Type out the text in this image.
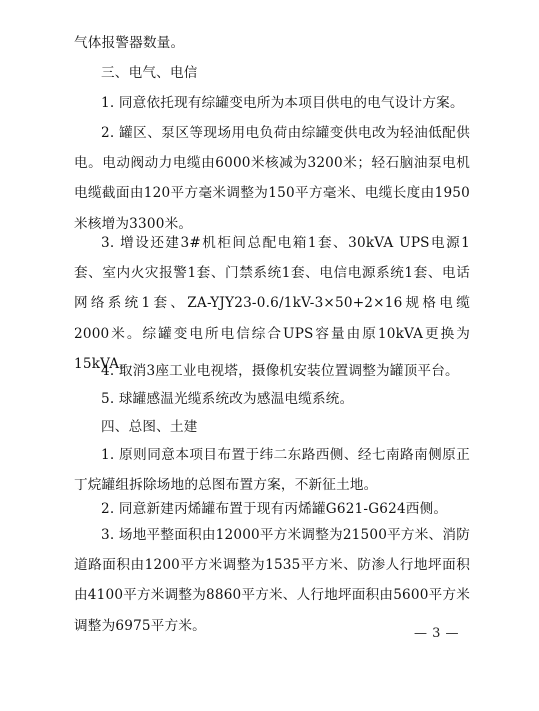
气体报警器数量。

三、电气、电信

1. 同意依托现有综罐变电所为本项目供电的电气设计方案。

2. 罐区、泵区等现场用电负荷由综罐变供电改为轻油低配供电。电动阀动力电缆由6000米核减为3200米；轻石脑油泵电机电缆截面由120平方毫米调整为150平方毫米、电缆长度由1950米核增为3300米。

3. 增设还建3#机柜间总配电箱1套、30kVA UPS电源1套、室内火灾报警1套、门禁系统1套、电信电源系统1套、电话网络系统1套、ZA-YJY23-0.6/1kV-3×50+2×16规格电缆2000米。综罐变电所电信综合UPS容量由原10kVA更换为15kVA。

4. 取消3座工业电视塔，摄像机安装位置调整为罐顶平台。

5. 球罐感温光缆系统改为感温电缆系统。

四、总图、土建

1. 原则同意本项目布置于纬二东路西侧、经七南路南侧原正丁烷罐组拆除场地的总图布置方案，不新征土地。

2. 同意新建丙烯罐布置于现有丙烯罐G621-G624西侧。

3. 场地平整面积由12000平方米调整为21500平方米、消防道路面积由1200平方米调整为1535平方米、防渗人行地坪面积由4100平方米调整为8860平方米、人行地坪面积由5600平方米调整为6975平方米。	— 3 —
